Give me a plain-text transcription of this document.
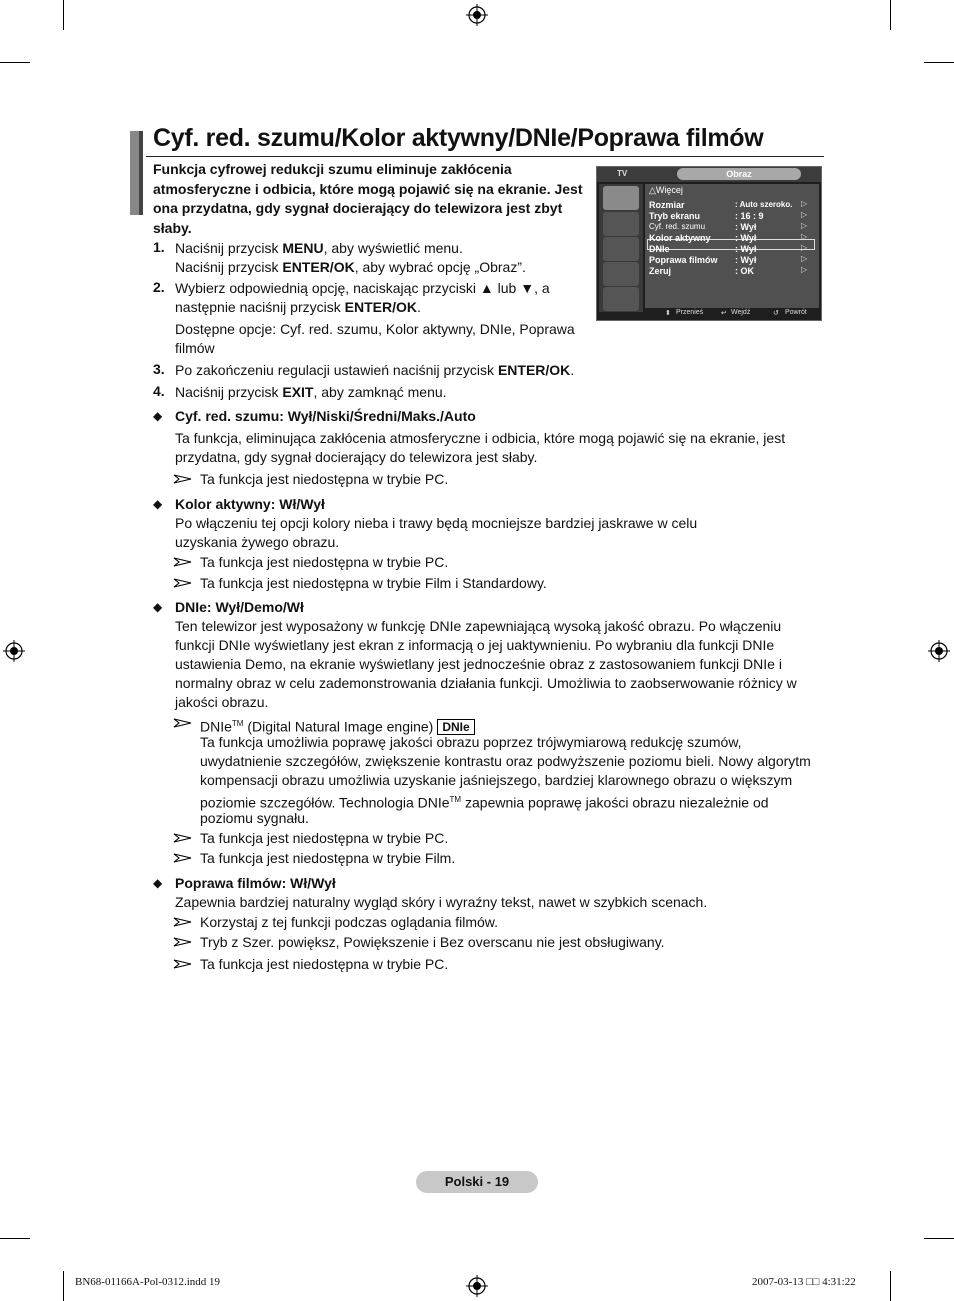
Cyf. red. szumu/Kolor aktywny/DNIe/Poprawa filmów
Funkcja cyfrowej redukcji szumu eliminuje zakłócenia atmosferyczne i odbicia, które mogą pojawić się na ekranie. Jest ona przydatna, gdy sygnał docierający do telewizora jest zbyt słaby.
1. Naciśnij przycisk MENU, aby wyświetlić menu.
Naciśnij przycisk ENTER/OK, aby wybrać opcję „Obraz”.
2. Wybierz odpowiednią opcję, naciskając przyciski ▲ lub ▼, a
następnie naciśnij przycisk ENTER/OK.
Dostępne opcje: Cyf. red. szumu, Kolor aktywny, DNIe, Poprawa
filmów
3. Po zakończeniu regulacji ustawień naciśnij przycisk ENTER/OK.
4. Naciśnij przycisk EXIT, aby zamknąć menu.
TV	Obraz
△Więcej
Rozmiar	: Auto szeroko. ▷
Tryb ekranu	: 16 : 9	▷
Cyf. red. szumu	: Wył	▷
Kolor aktywny	: Wył	▷
DNIe	: Wył	▷
Poprawa filmów : Wył	▷
Zeruj	: OK	▷
⬍ Przenieś	↵ Wejdź	↺ Powrót
◆ Cyf. red. szumu: Wył/Niski/Średni/Maks./Auto
Ta funkcja, eliminująca zakłócenia atmosferyczne i odbicia, które mogą pojawić się na ekranie, jest
przydatna, gdy sygnał docierający do telewizora jest słaby.
Ta funkcja jest niedostępna w trybie PC.
◆ Kolor aktywny: Wł/Wył
Po włączeniu tej opcji kolory nieba i trawy będą mocniejsze bardziej jaskrawe w celu
uzyskania żywego obrazu.
Ta funkcja jest niedostępna w trybie PC.
Ta funkcja jest niedostępna w trybie Film i Standardowy.
◆ DNIe: Wył/Demo/Wł
Ten telewizor jest wyposażony w funkcję DNIe zapewniającą wysoką jakość obrazu. Po włączeniu
funkcji DNIe wyświetlany jest ekran z informacją o jej uaktywnieniu. Po wybraniu dla funkcji DNIe
ustawienia Demo, na ekranie wyświetlany jest jednocześnie obraz z zastosowaniem funkcji DNIe i
normalny obraz w celu zademonstrowania działania funkcji. Umożliwia to zaobserwowanie różnicy w
jakości obrazu.
DNIe™ (Digital Natural Image engine) DNIe
Ta funkcja umożliwia poprawę jakości obrazu poprzez trójwymiarową redukcję szumów,
uwydatnienie szczegółów, zwiększenie kontrastu oraz podwyższenie poziomu bieli. Nowy algorytm
kompensacji obrazu umożliwia uzyskanie jaśniejszego, bardziej klarownego obrazu o większym
poziomie szczegółów. Technologia DNIe™ zapewnia poprawę jakości obrazu niezależnie od
poziomu sygnału.
Ta funkcja jest niedostępna w trybie PC.
Ta funkcja jest niedostępna w trybie Film.
◆ Poprawa filmów: Wł/Wył
Zapewnia bardziej naturalny wygląd skóry i wyraźny tekst, nawet w szybkich scenach.
Korzystaj z tej funkcji podczas oglądania filmów.
Tryb z Szer. powiększ, Powiększenie i Bez overscanu nie jest obsługiwany.
Ta funkcja jest niedostępna w trybie PC.
Polski - 19
BN68-01166A-Pol-0312.indd 19	2007-03-13 □□ 4:31:22
